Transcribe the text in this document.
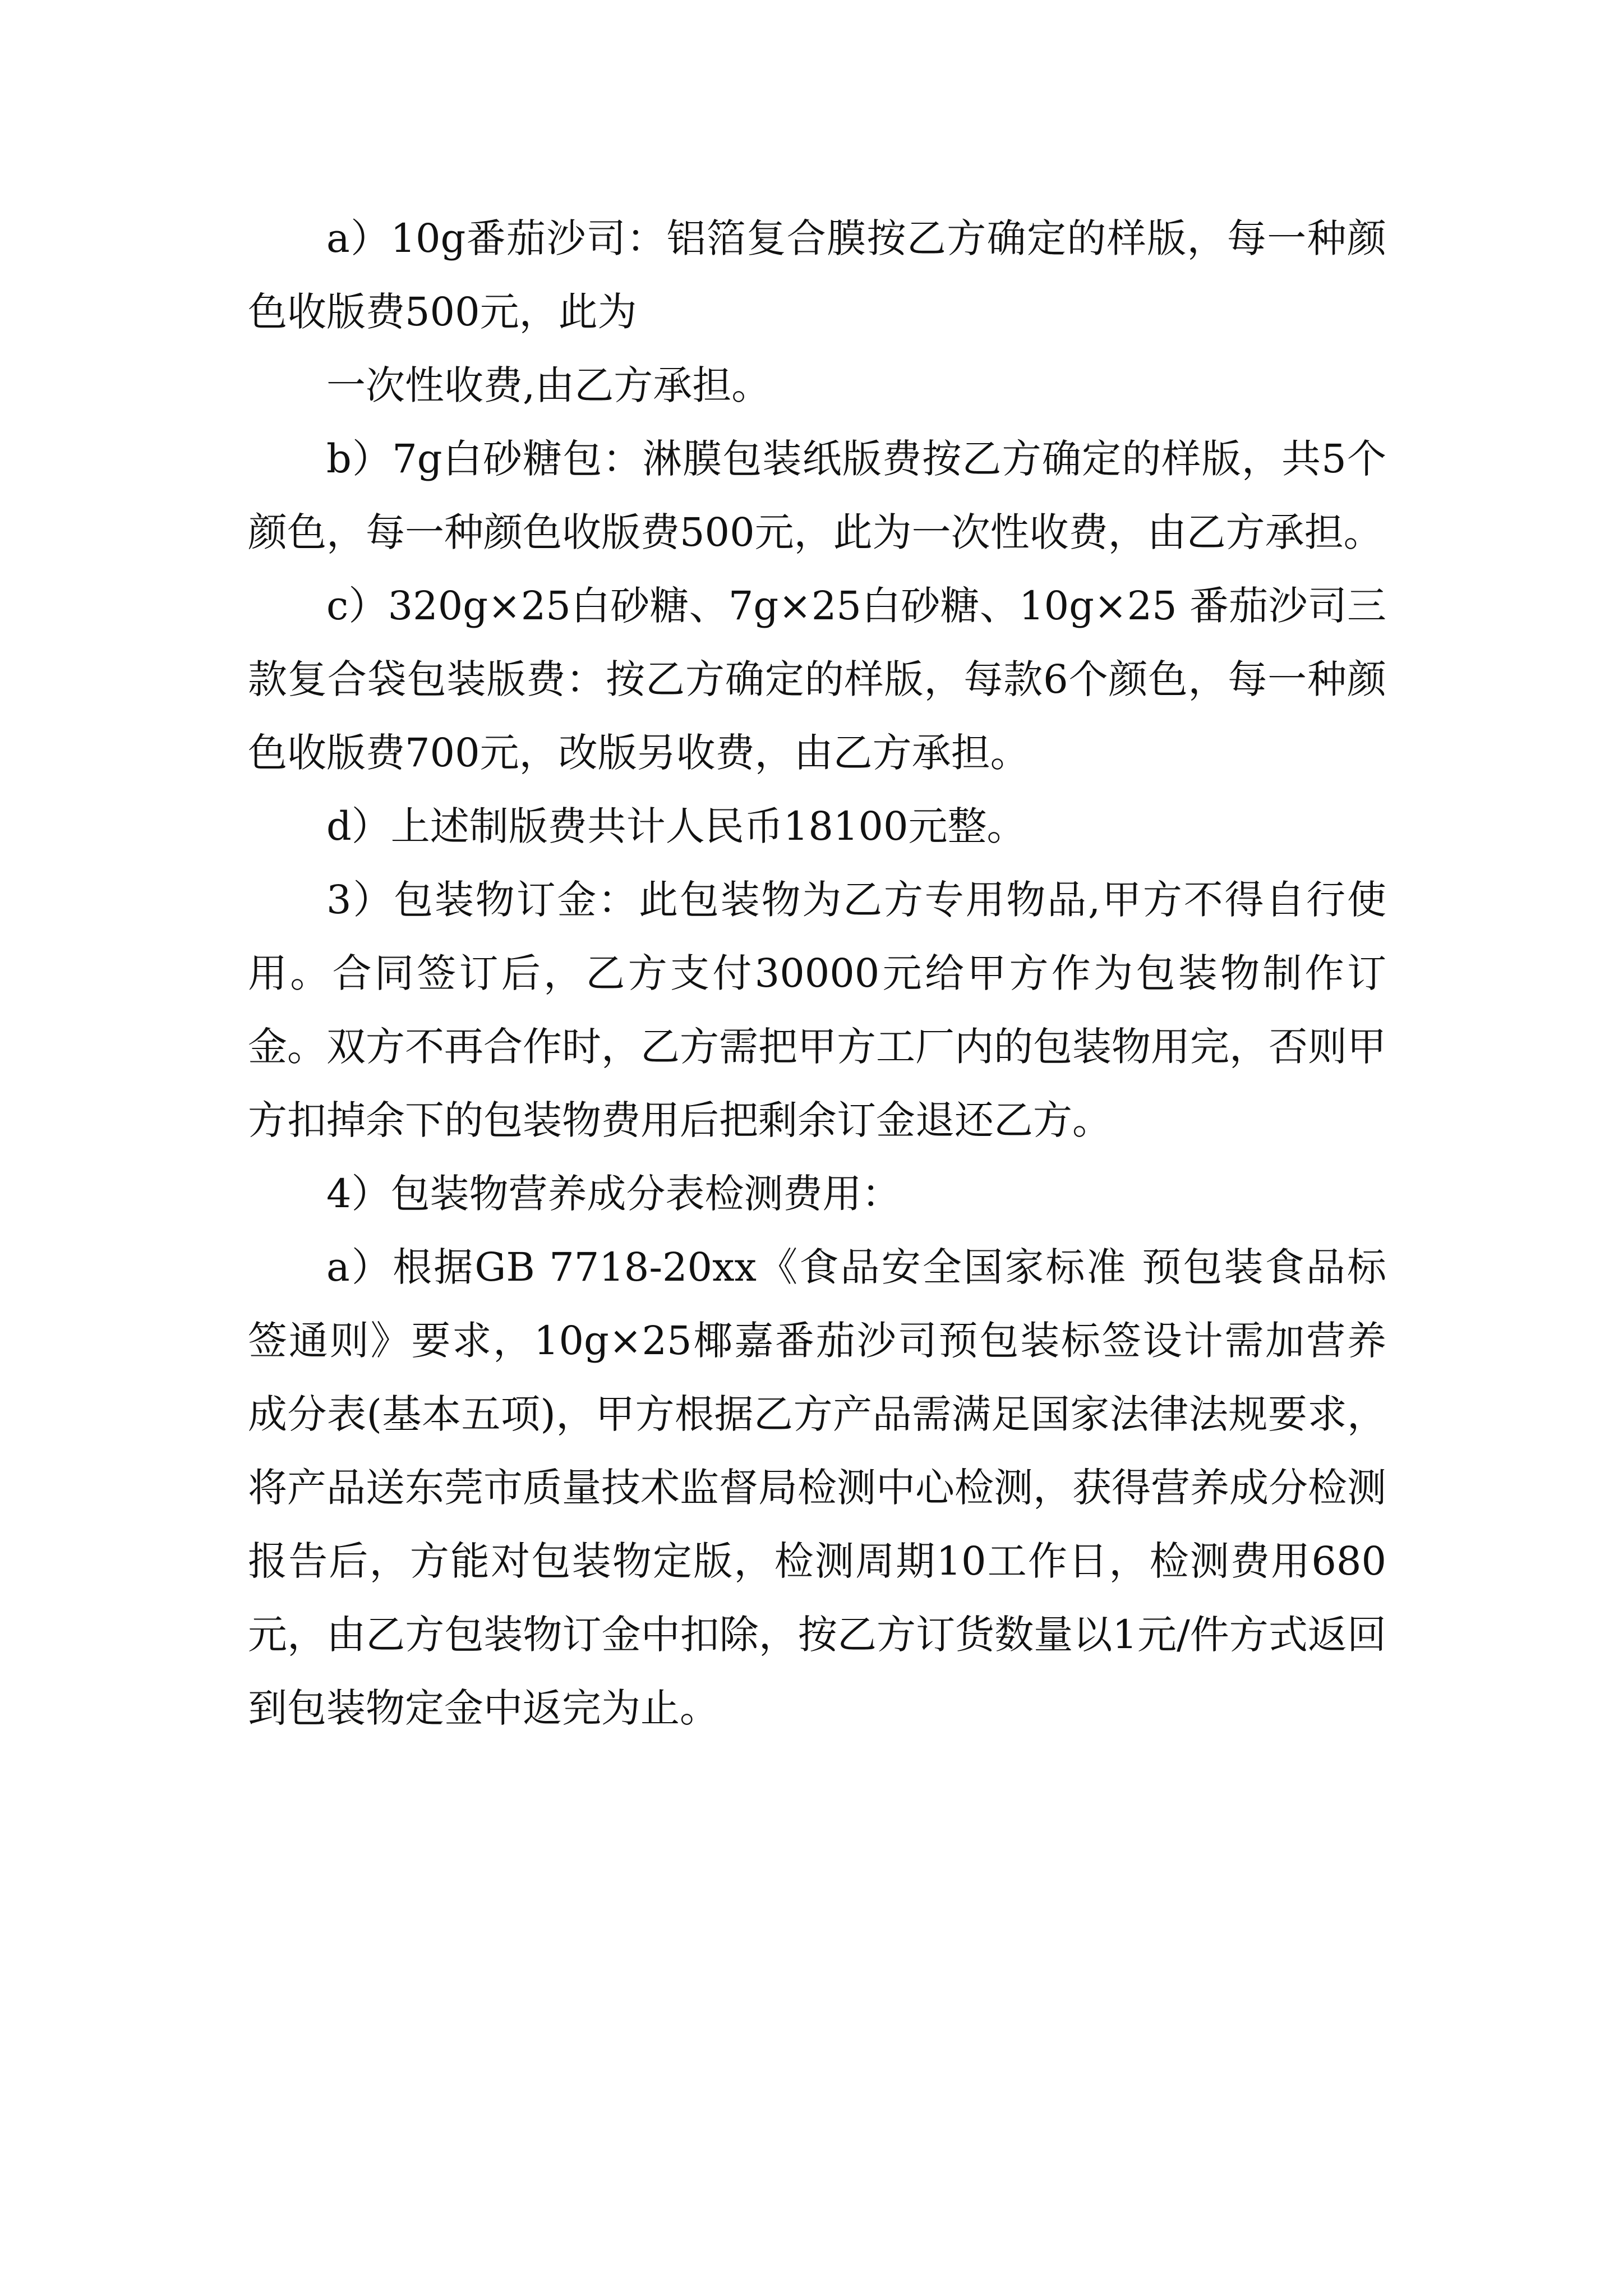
a）10g番茄沙司：铝箔复合膜按乙方确定的样版，每一种颜色收版费500元，此为

一次性收费,由乙方承担。

b）7g白砂糖包：淋膜包装纸版费按乙方确定的样版，共5个颜色，每一种颜色收版费500元，此为一次性收费，由乙方承担。

c）320g×25白砂糖、7g×25白砂糖、10g×25 番茄沙司三款复合袋包装版费：按乙方确定的样版，每款6个颜色，每一种颜色收版费700元，改版另收费，由乙方承担。

d）上述制版费共计人民币18100元整。

3）包装物订金：此包装物为乙方专用物品,甲方不得自行使用。合同签订后，乙方支付30000元给甲方作为包装物制作订金。双方不再合作时，乙方需把甲方工厂内的包装物用完，否则甲方扣掉余下的包装物费用后把剩余订金退还乙方。

4）包装物营养成分表检测费用：

a）根据GB 7718-20xx《食品安全国家标准 预包装食品标签通则》要求，10g×25椰嘉番茄沙司预包装标签设计需加营养成分表(基本五项)，甲方根据乙方产品需满足国家法律法规要求，将产品送东莞市质量技术监督局检测中心检测，获得营养成分检测报告后，方能对包装物定版，检测周期10工作日，检测费用680元，由乙方包装物订金中扣除，按乙方订货数量以1元/件方式返回到包装物定金中返完为止。
